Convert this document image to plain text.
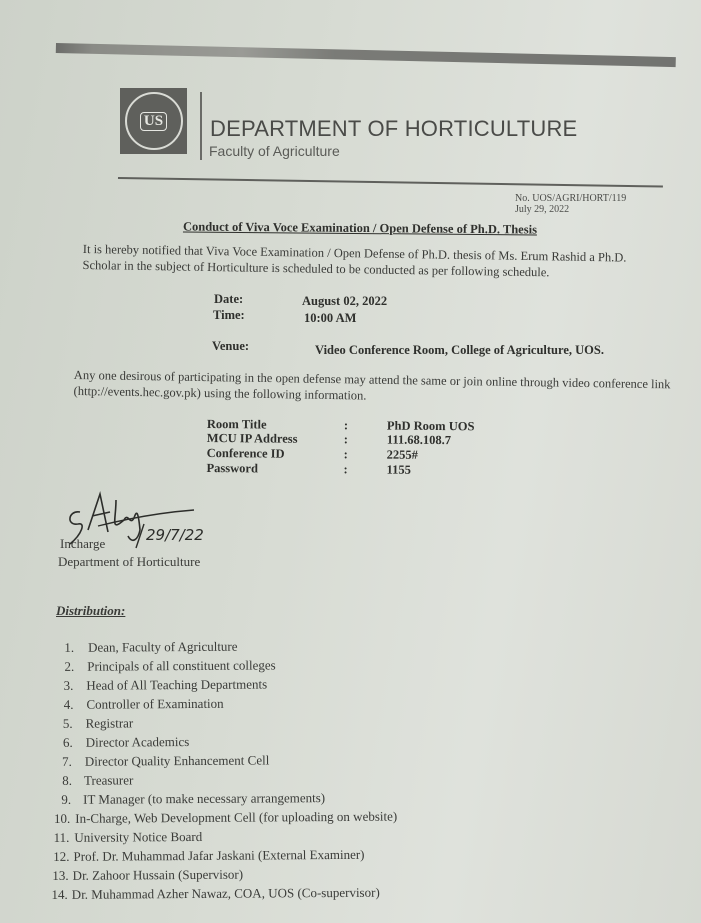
US DEPARTMENT OF HORTICULTURE
Faculty of Agriculture
No. UOS/AGRI/HORT/119
July 29, 2022
Conduct of Viva Voce Examination / Open Defense of Ph.D. Thesis
It is hereby notified that Viva Voce Examination / Open Defense of Ph.D. thesis of Ms. Erum Rashid a Ph.D. Scholar in the subject of Horticulture is scheduled to be conducted as per following schedule.
Date:	August 02, 2022
Time:	10:00 AM
Venue:	Video Conference Room, College of Agriculture, UOS.
Any one desirous of participating in the open defense may attend the same or join online through video conference link (http://events.hec.gov.pk) using the following information.
Room Title	:	PhD Room UOS
MCU IP Address	:	111.68.108.7
Conference ID	:	2255#
Password	:	1155
29/7/22
Incharge
Department of Horticulture
Distribution:
1. Dean, Faculty of Agriculture
2. Principals of all constituent colleges
3. Head of All Teaching Departments
4. Controller of Examination
5. Registrar
6. Director Academics
7. Director Quality Enhancement Cell
8. Treasurer
9. IT Manager (to make necessary arrangements)
10. In-Charge, Web Development Cell (for uploading on website)
11. University Notice Board
12. Prof. Dr. Muhammad Jafar Jaskani (External Examiner)
13. Dr. Zahoor Hussain (Supervisor)
14. Dr. Muhammad Azher Nawaz, COA, UOS (Co-supervisor)
